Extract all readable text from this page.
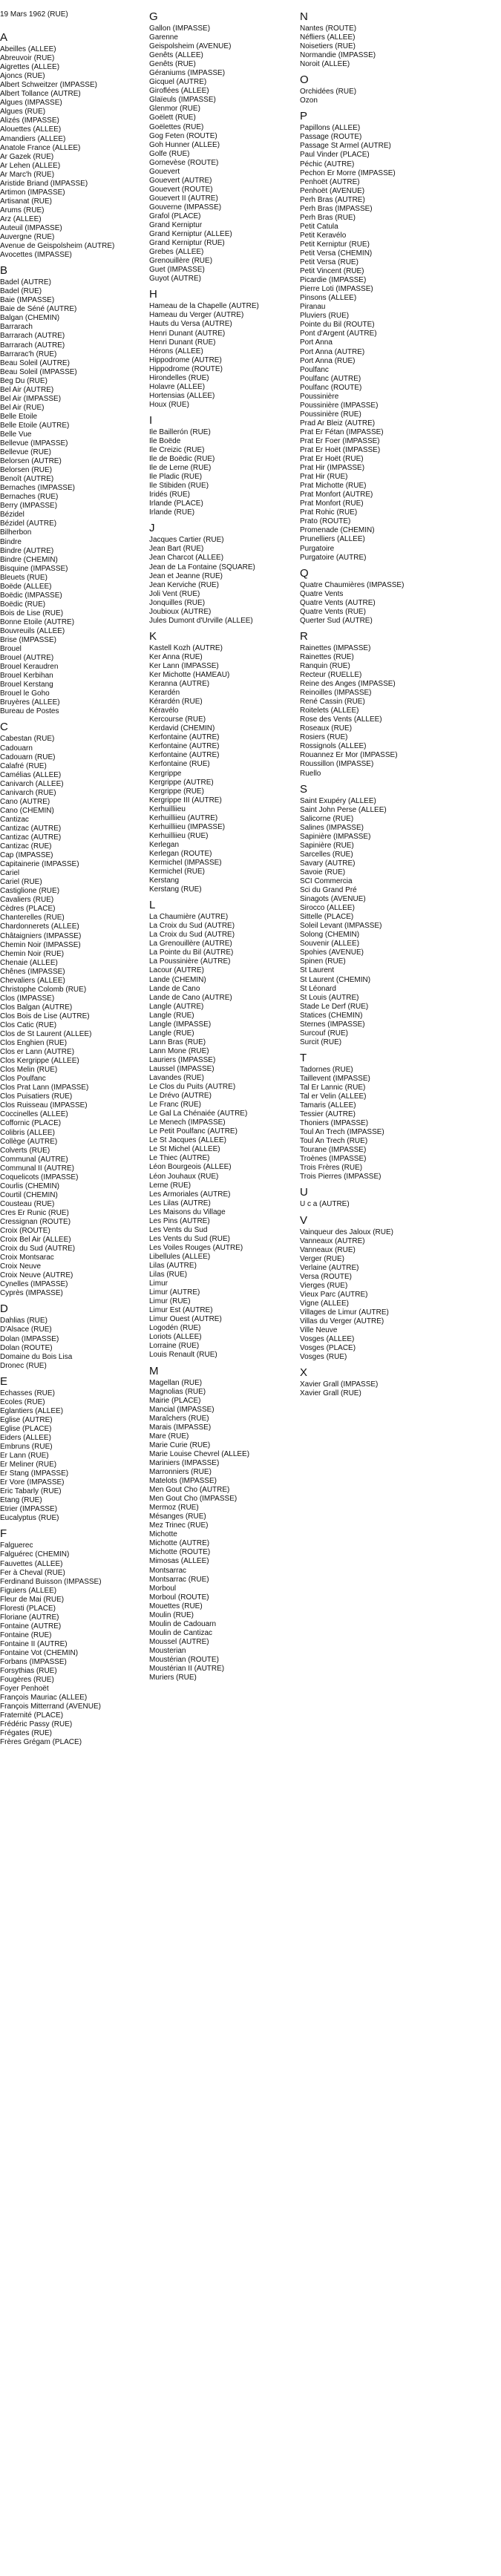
19 Mars 1962 (RUE)
A
Abeilles (ALLEE)
Abreuvoir (RUE)
Aigrettes (ALLEE)
Ajoncs (RUE)
Albert Schweitzer (IMPASSE)
Albert Tollance (AUTRE)
Algues (IMPASSE)
Algues (RUE)
Alizés (IMPASSE)
Alouettes (ALLEE)
Amandiers (ALLEE)
Anatole France (ALLEE)
Ar Gazek (RUE)
Ar Lehen (ALLEE)
Ar Marc'h (RUE)
Aristide Briand (IMPASSE)
Artimon (IMPASSE)
Artisanat (RUE)
Arums (RUE)
Arz (ALLEE)
Auteuil (IMPASSE)
Auvergne (RUE)
Avenue de Geispolsheim (AUTRE)
Avocettes (IMPASSE)
B
Badel (AUTRE)
Badel (RUE)
Baie (IMPASSE)
Baie de Séné (AUTRE)
Balgan (CHEMIN)
Barrarach
Barrarach (AUTRE)
Barrarach (AUTRE)
Barrarac'h (RUE)
Beau Soleil (AUTRE)
Beau Soleil (IMPASSE)
Beg Du (RUE)
Bel Air (AUTRE)
Bel Air (IMPASSE)
Bel Air (RUE)
Belle Etoile
Belle Etoile (AUTRE)
Belle Vue
Bellevue (IMPASSE)
Bellevue (RUE)
Belorsen (AUTRE)
Belorsen (RUE)
Benoît (AUTRE)
Bernaches (IMPASSE)
Bernaches (RUE)
Berry (IMPASSE)
Bézidel
Bézidel (AUTRE)
Bilherbon
Bindre
Bindre (AUTRE)
Bindre (CHEMIN)
Bisquine (IMPASSE)
Bleuets (RUE)
Boëde (ALLEE)
Boëdic (IMPASSE)
Boëdic (RUE)
Bois de Lise (RUE)
Bonne Etoile (AUTRE)
Bouvreuils (ALLEE)
Brise (IMPASSE)
Brouel
Brouel (AUTRE)
Brouel Keraudren
Brouel Kerbihan
Brouel Kerstang
Brouel le Goho
Bruyères (ALLEE)
Bureau de Postes
C
Cabestan (RUE)
Cadouarn
Cadouarn (RUE)
Calafré (RUE)
Camélias (ALLEE)
Canivarch (ALLEE)
Canivarch (RUE)
Cano (AUTRE)
Cano (CHEMIN)
Cantizac
Cantizac (AUTRE)
Cantizac (AUTRE)
Cantizac (RUE)
Cap (IMPASSE)
Capitainerie (IMPASSE)
Cariel
Cariel (RUE)
Castiglione (RUE)
Cavaliers (RUE)
Cèdres (PLACE)
Chanterelles (RUE)
Chardonnerets (ALLEE)
Châtaigniers (IMPASSE)
Chemin Noir (IMPASSE)
Chemin Noir (RUE)
Chenaie (ALLEE)
Chênes (IMPASSE)
Chevaliers (ALLEE)
Christophe Colomb (RUE)
Clos (IMPASSE)
Clos Balgan (AUTRE)
Clos Bois de Lise (AUTRE)
Clos Catic (RUE)
Clos de St Laurent (ALLEE)
Clos Enghien (RUE)
Clos er Lann (AUTRE)
Clos Kergrippe (ALLEE)
Clos Melin (RUE)
Clos Poulfanc
Clos Prat Lann (IMPASSE)
Clos Puisatiers (RUE)
Clos Ruisseau (IMPASSE)
Coccinelles (ALLEE)
Coffornic (PLACE)
Colibris (ALLEE)
Collège (AUTRE)
Colverts (RUE)
Communal (AUTRE)
Communal II (AUTRE)
Coquelicots (IMPASSE)
Courlis (CHEMIN)
Courtil (CHEMIN)
Cousteau (RUE)
Cres Er Runic (RUE)
Cressignan (ROUTE)
Croix (ROUTE)
Croix Bel Air (ALLEE)
Croix du Sud (AUTRE)
Croix Montsarac
Croix Neuve
Croix Neuve (AUTRE)
Cynelles (IMPASSE)
Cyprès (IMPASSE)
D
Dahlias (RUE)
D'Alsace (RUE)
Dolan (IMPASSE)
Dolan (ROUTE)
Domaine du Bois Lisa
Dronec (RUE)
E
Echasses (RUE)
Ecoles (RUE)
Eglantiers (ALLEE)
Eglise (AUTRE)
Eglise (PLACE)
Eiders (ALLEE)
Embruns (RUE)
Er Lann (RUE)
Er Meliner (RUE)
Er Stang (IMPASSE)
Er Vore (IMPASSE)
Eric Tabarly (RUE)
Etang (RUE)
Etrier (IMPASSE)
Eucalyptus (RUE)
F
Falguerec
Falguérec (CHEMIN)
Fauvettes (ALLEE)
Fer à Cheval (RUE)
Ferdinand Buisson (IMPASSE)
Figuiers (ALLEE)
Fleur de Mai (RUE)
Floresti (PLACE)
Floriane (AUTRE)
Fontaine (AUTRE)
Fontaine (RUE)
Fontaine II (AUTRE)
Fontaine Vot (CHEMIN)
Forbans (IMPASSE)
Forsythias (RUE)
Fougères (RUE)
Foyer Penhoët
François Mauriac (ALLEE)
François Mitterrand (AVENUE)
Fraternité (PLACE)
Frédéric Passy (RUE)
Frégates (RUE)
Frères Grégam (PLACE)
G
Gallon (IMPASSE)
Garenne
Geispolsheim (AVENUE)
Genêts (ALLEE)
Genêts (RUE)
Géraniums (IMPASSE)
Gicquel (AUTRE)
Giroflées (ALLEE)
Glaïeuls (IMPASSE)
Glenmor (RUE)
Goëlett (RUE)
Goëlettes (RUE)
Gog Feten (ROUTE)
Goh Hunner (ALLEE)
Golfe (RUE)
Gornevèse (ROUTE)
Gouevert
Gouevert (AUTRE)
Gouevert (ROUTE)
Gouevert II (AUTRE)
Gouverne (IMPASSE)
Grafol (PLACE)
Grand Kerniptur
Grand Kerniptur (ALLEE)
Grand Kerniptur (RUE)
Grebes (ALLEE)
Grenouillère (RUE)
Guet (IMPASSE)
Guyot (AUTRE)
H
Hameau de la Chapelle (AUTRE)
Hameau du Verger (AUTRE)
Hauts du Versa (AUTRE)
Henri Dunant (AUTRE)
Henri Dunant (RUE)
Hérons (ALLEE)
Hippodrome (AUTRE)
Hippodrome (ROUTE)
Hirondelles (RUE)
Holavre (ALLEE)
Hortensias (ALLEE)
Houx (RUE)
I
Ile Baillerón (RUE)
Ile Boëde
Ile Creizic (RUE)
Ile de Boëdic (RUE)
Ile de Lerne (RUE)
Ile Pladic (RUE)
Ile Stibiden (RUE)
Iridés (RUE)
Irlande (PLACE)
Irlande (RUE)
J
Jacques Cartier (RUE)
Jean Bart (RUE)
Jean Charcot (ALLEE)
Jean de La Fontaine (SQUARE)
Jean et Jeanne (RUE)
Jean Kerviche (RUE)
Joli Vent (RUE)
Jonquilles (RUE)
Joubioux (AUTRE)
Jules Dumont d'Urville (ALLEE)
K
Kastell Kozh (AUTRE)
Ker Anna (RUE)
Ker Lann (IMPASSE)
Ker Michotte (HAMEAU)
Keranna (AUTRE)
Kerardén
Kérardén (RUE)
Kéravélo
Kercourse (RUE)
Kerdavid (CHEMIN)
Kerfontaine (AUTRE)
Kerfontaine (AUTRE)
Kerfontaine (AUTRE)
Kerfontaine (RUE)
Kergrippe
Kergrippe (AUTRE)
Kergrippe (RUE)
Kergrippe III (AUTRE)
Kerhuilliieu
Kerhuilliieu (AUTRE)
Kerhuilliieu (IMPASSE)
Kerhuilliieu (RUE)
Kerlegan
Kerlegan (ROUTE)
Kermichel (IMPASSE)
Kermichel (RUE)
Kerstang
Kerstang (RUE)
L
La Chaumière (AUTRE)
La Croix du Sud (AUTRE)
La Croix du Sud (AUTRE)
La Grenouillère (AUTRE)
La Pointe du Bil (AUTRE)
La Poussinière (AUTRE)
Lacour (AUTRE)
Lande (CHEMIN)
Lande de Cano
Lande de Cano (AUTRE)
Langle (AUTRE)
Langle (RUE)
Langle (IMPASSE)
Langle (RUE)
Lann Bras (RUE)
Lann Mone (RUE)
Lauriers (IMPASSE)
Laussel (IMPASSE)
Lavandes (RUE)
Le Clos du Puits (AUTRE)
Le Drévo (AUTRE)
Le Franc (RUE)
Le Gal La Chénaiée (AUTRE)
Le Menech (IMPASSE)
Le Petit Poulfanc (AUTRE)
Le St Jacques (ALLEE)
Le St Michel (ALLEE)
Le Thiec (AUTRE)
Léon Bourgeois (ALLEE)
Léon Jouhaux (RUE)
Lerne (RUE)
Les Armoriales (AUTRE)
Les Lilas (AUTRE)
Les Maisons du Village
Les Pins (AUTRE)
Les Vents du Sud
Les Vents du Sud (RUE)
Les Voiles Rouges (AUTRE)
Libellules (ALLEE)
Lilas (AUTRE)
Lilas (RUE)
Limur
Limur (AUTRE)
Limur (RUE)
Limur Est (AUTRE)
Limur Ouest (AUTRE)
Logodén (RUE)
Loriots (ALLEE)
Lorraine (RUE)
Louis Renault (RUE)
M
Magellan (RUE)
Magnolias (RUE)
Mairie (PLACE)
Mancial (IMPASSE)
Maraîchers (RUE)
Marais (IMPASSE)
Mare (RUE)
Marie Curie (RUE)
Marie Louise Chevrel (ALLEE)
Mariniers (IMPASSE)
Marronniers (RUE)
Matelots (IMPASSE)
Men Gout Cho (AUTRE)
Men Gout Cho (IMPASSE)
Mermoz (RUE)
Mésanges (RUE)
Mez Trinec (RUE)
Michotte
Michotte (AUTRE)
Michotte (ROUTE)
Mimosas (ALLEE)
Montsarrac
Montsarrac (RUE)
Morboul
Morboul (ROUTE)
Mouettes (RUE)
Moulin (RUE)
Moulin de Cadouarn
Moulin de Cantizac
Moussel (AUTRE)
Mousterian
Moustérian (ROUTE)
Moustérian II (AUTRE)
Muriers (RUE)
N
Nantes (ROUTE)
Néfliers (ALLEE)
Noisetiers (RUE)
Normandie (IMPASSE)
Noroit (ALLEE)
O
Orchidées (RUE)
Ozon
P
Papillons (ALLEE)
Passage (ROUTE)
Passage St Armel (AUTRE)
Paul Vinder (PLACE)
Péchic (AUTRE)
Pechon Er Morre (IMPASSE)
Penhoët (AUTRE)
Penhoët (AVENUE)
Perh Bras (AUTRE)
Perh Bras (IMPASSE)
Perh Bras (RUE)
Petit Catula
Petit Keravélo
Petit Kerniptur (RUE)
Petit Versa (CHEMIN)
Petit Versa (RUE)
Petit Vincent (RUE)
Picardie (IMPASSE)
Pierre Loti (IMPASSE)
Pinsons (ALLEE)
Piranau
Pluviers (RUE)
Pointe du Bil (ROUTE)
Pont d'Argent (AUTRE)
Port Anna
Port Anna (AUTRE)
Port Anna (RUE)
Poulfanc
Poulfanc (AUTRE)
Poulfanc (ROUTE)
Poussinière
Poussinière (IMPASSE)
Poussinière (RUE)
Prad Ar Bleiz (AUTRE)
Prat Er Fétan (IMPASSE)
Prat Er Foer (IMPASSE)
Prat Er Hoët (IMPASSE)
Prat Er Hoët (RUE)
Prat Hir (IMPASSE)
Prat Hir (RUE)
Prat Michotte (RUE)
Prat Monfort (AUTRE)
Prat Monfort (RUE)
Prat Rohic (RUE)
Prato (ROUTE)
Promenade (CHEMIN)
Prunelliers (ALLEE)
Purgatoire
Purgatoire (AUTRE)
Q
Quatre Chaumières (IMPASSE)
Quatre Vents
Quatre Vents (AUTRE)
Quatre Vents (RUE)
Querter Sud (AUTRE)
R
Rainettes (IMPASSE)
Rainettes (RUE)
Ranquin (RUE)
Recteur (RUELLE)
Reine des Anges (IMPASSE)
Reinoilles (IMPASSE)
René Cassin (RUE)
Roitelets (ALLEE)
Rose des Vents (ALLEE)
Roseaux (RUE)
Rosiers (RUE)
Rossignols (ALLEE)
Rouannez Er Mor (IMPASSE)
Roussillon (IMPASSE)
Ruello
S
Saint Exupéry (ALLEE)
Saint John Perse (ALLEE)
Salicorne (RUE)
Salines (IMPASSE)
Sapinière (IMPASSE)
Sapinière (RUE)
Sarcelles (RUE)
Savary (AUTRE)
Savoie (RUE)
SCI Commercia
Sci du Grand Pré
Sinagots (AVENUE)
Sirocco (ALLEE)
Sittelle (PLACE)
Soleil Levant (IMPASSE)
Solong (CHEMIN)
Souvenir (ALLEE)
Spohies (AVENUE)
Spinen (RUE)
St Laurent
St Laurent (CHEMIN)
St Léonard
St Louis (AUTRE)
Stade Le Derf (RUE)
Statices (CHEMIN)
Sternes (IMPASSE)
Surcouf (RUE)
Surcit (RUE)
T
Tadornes (RUE)
Taillevent (IMPASSE)
Tal Er Lannic (RUE)
Tal er Velin (ALLEE)
Tamaris (ALLEE)
Tessier (AUTRE)
Thoniers (IMPASSE)
Toul An Trech (IMPASSE)
Toul An Trech (RUE)
Tourane (IMPASSE)
Troènes (IMPASSE)
Trois Frères (RUE)
Trois Pierres (IMPASSE)
U
U c a (AUTRE)
V
Vainqueur des Jaloux (RUE)
Vanneaux (AUTRE)
Vanneaux (RUE)
Verger (RUE)
Verlaine (AUTRE)
Versa (ROUTE)
Vierges (RUE)
Vieux Parc (AUTRE)
Vigne (ALLEE)
Villages de Limur (AUTRE)
Villas du Verger (AUTRE)
Ville Neuve
Vosges (ALLEE)
Vosges (PLACE)
Vosges (RUE)
X
Xavier Grall (IMPASSE)
Xavier Grall (RUE)
